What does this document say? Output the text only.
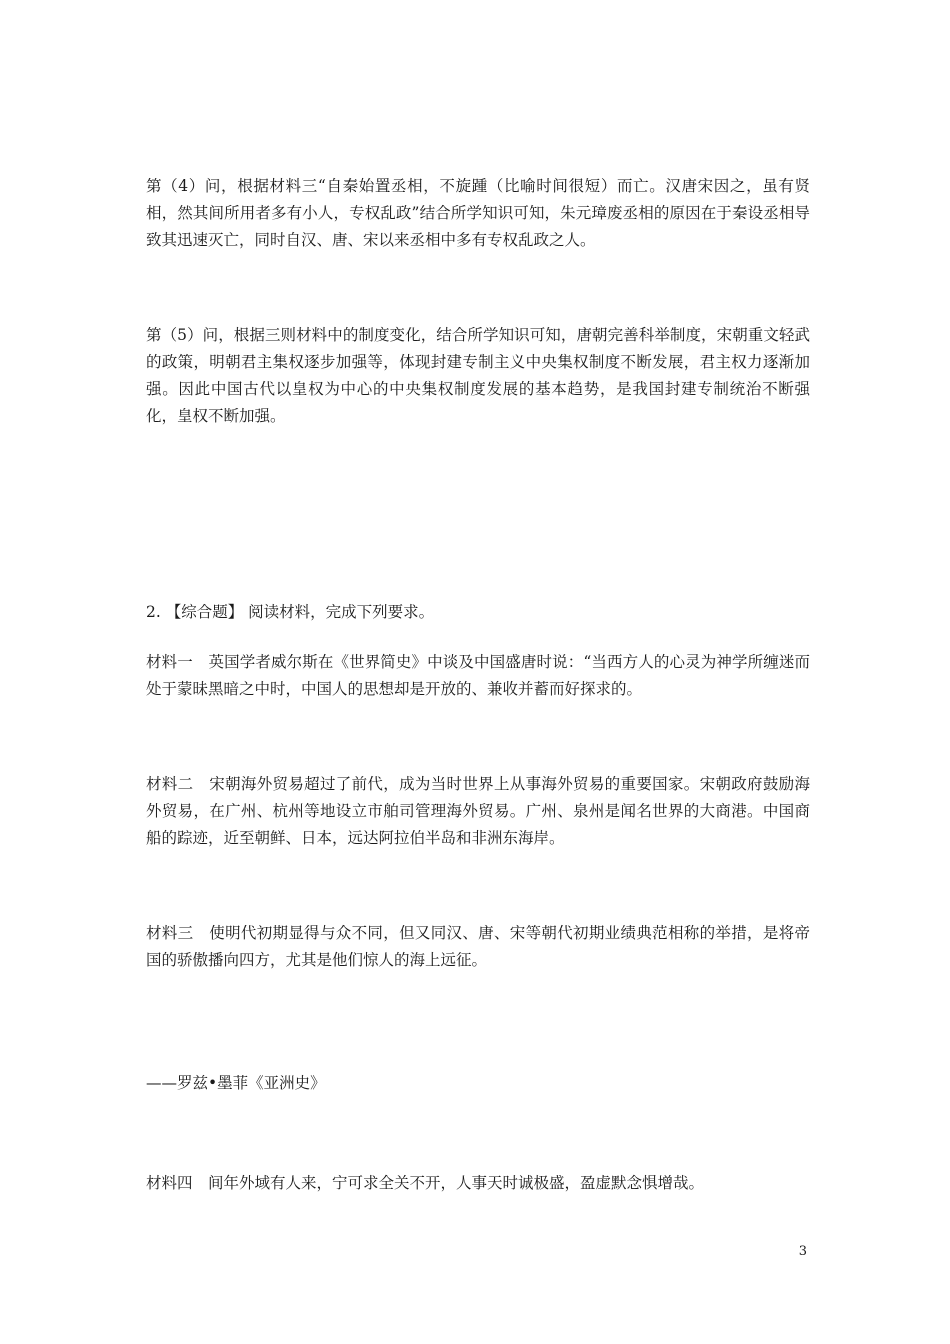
第（4）问，根据材料三“自秦始置丞相，不旋踵（比喻时间很短）而亡。汉唐宋因之，虽有贤相，然其间所用者多有小人，专权乱政”结合所学知识可知，朱元璋废丞相的原因在于秦设丞相导致其迅速灭亡，同时自汉、唐、宋以来丞相中多有专权乱政之人。

第（5）问，根据三则材料中的制度变化，结合所学知识可知，唐朝完善科举制度，宋朝重文轻武的政策，明朝君主集权逐步加强等，体现封建专制主义中央集权制度不断发展，君主权力逐渐加强。因此中国古代以皇权为中心的中央集权制度发展的基本趋势，是我国封建专制统治不断强化，皇权不断加强。

2. 【综合题】 阅读材料，完成下列要求。

材料一　英国学者威尔斯在《世界简史》中谈及中国盛唐时说：“当西方人的心灵为神学所缠迷而处于蒙昧黑暗之中时，中国人的思想却是开放的、兼收并蓄而好探求的。

材料二　宋朝海外贸易超过了前代，成为当时世界上从事海外贸易的重要国家。宋朝政府鼓励海外贸易，在广州、杭州等地设立市舶司管理海外贸易。广州、泉州是闻名世界的大商港。中国商船的踪迹，近至朝鲜、日本，远达阿拉伯半岛和非洲东海岸。

材料三　使明代初期显得与众不同，但又同汉、唐、宋等朝代初期业绩典范相称的举措，是将帝国的骄傲播向四方，尤其是他们惊人的海上远征。

——罗兹•墨菲《亚洲史》

材料四　间年外域有人来，宁可求全关不开，人事天时诚极盛，盈虚默念惧增哉。

3
